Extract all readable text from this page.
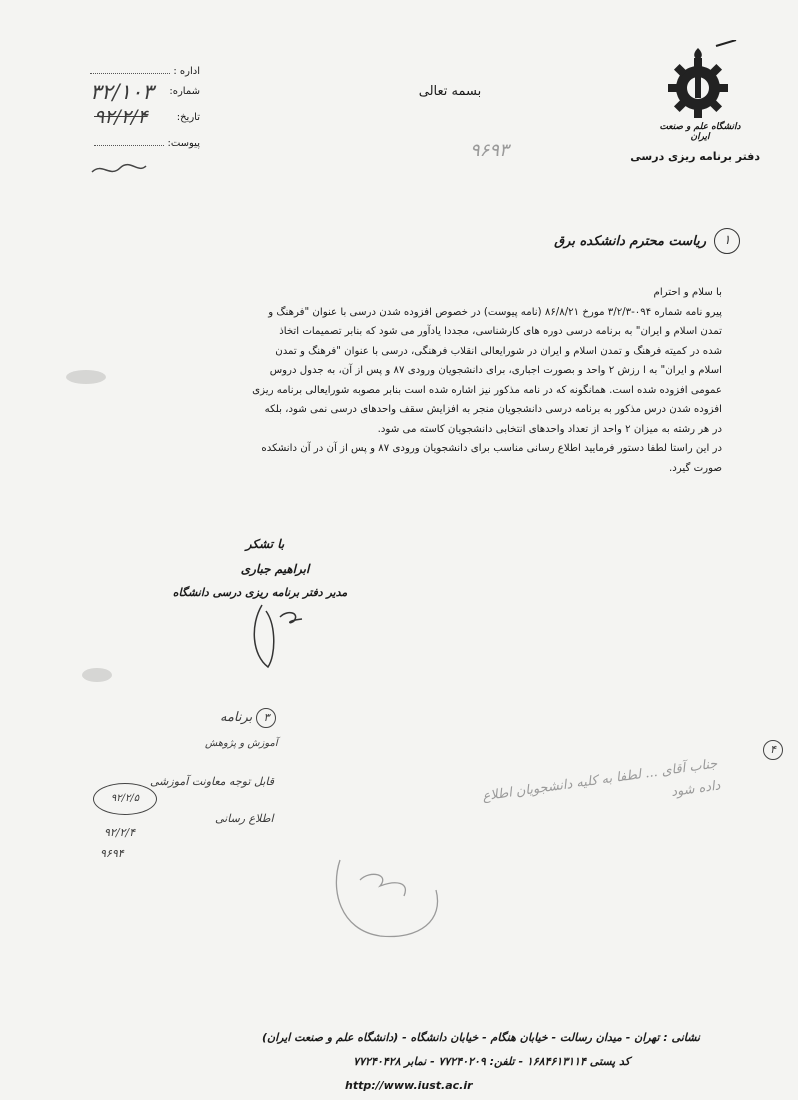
اداره :
شماره:
۳۲/۱۰۳
تاریخ:
۹۲/۲/۴
پیوست:
بسمه تعالی
۹۶۹۳
دانشگاه علم و صنعت ایران
دفتر برنامه ریزی درسی
۱
ریاست محترم دانشکده برق
با سلام و احترام
پیرو نامه شماره ۰۹۴-۳/۲/۳ مورخ ۸۶/۸/۲۱ (نامه پیوست) در خصوص افزوده شدن درسی با عنوان "فرهنگ و
تمدن اسلام و ایران" به برنامه درسی دوره های کارشناسی، مجددا یادآور می شود که بنابر تصمیمات اتخاذ
شده در کمیته فرهنگ و تمدن اسلام و ایران در شورایعالی انقلاب فرهنگی، درسی با عنوان "فرهنگ و تمدن
اسلام و ایران" به ا رزش ۲ واحد و بصورت اجباری، برای دانشجویان ورودی ۸۷ و پس از آن، به جدول دروس
عمومی افزوده شده است. همانگونه که در نامه مذکور نیز اشاره شده است بنابر مصوبه شورایعالی برنامه ریزی
افزوده شدن درس مذکور به برنامه درسی دانشجویان منجر به افزایش سقف واحدهای درسی نمی شود، بلکه
در هر رشته به میزان ۲ واحد از تعداد واحدهای انتخابی دانشجویان کاسته می شود.
در این راستا لطفا دستور فرمایید اطلاع رسانی مناسب برای دانشجویان ورودی ۸۷ و پس از آن در آن دانشکده
صورت گیرد.
با تشکر
ابراهیم جباری
مدیر دفتر برنامه ریزی درسی دانشگاه
برنامه ۳
آموزش و پژوهش
قابل توجه معاونت آموزشی
اطلاع رسانی
۹۲/۲/۵
۹۲/۲/۴
۹۶۹۴
۴
جناب آقای ... لطفا به کلیه دانشجویان اطلاع داده شود
نشانی : تهران - میدان رسالت - خیابان هنگام - خیابان دانشگاه - (دانشگاه علم و صنعت ایران)
کد پستی ۱۶۸۴۶۱۳۱۱۴ - تلفن: ۷۷۲۴۰۲۰۹ - نمابر ۷۷۲۴۰۴۲۸
http://www.iust.ac.ir
